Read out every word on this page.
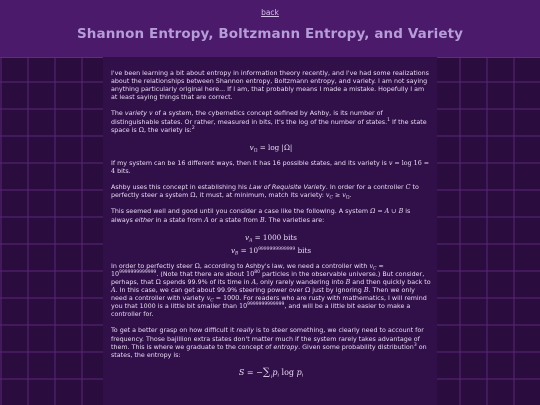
back
Shannon Entropy, Boltzmann Entropy, and Variety

I've been learning a bit about entropy in information theory recently, and I've had some realizations about the relationships between Shannon entropy, Boltzmann entropy, and variety. I am not saying anything particularly original here... If I am, that probably means I made a mistake. Hopefully I am at least saying things that are correct.

The variety v of a system, the cybernetics concept defined by Ashby, is its number of distinguishable states. Or rather, measured in bits, it's the log of the number of states.$^1$ If the state space is Ω, the variety is:$^2$

$v_\Omega = \log |\Omega|$

If my system can be 16 different ways, then it has 16 possible states, and its variety is v = log 16 = 4 bits.

Ashby uses this concept in establishing his Law of Requisite Variety. In order for a controller C to perfectly steer a system Ω, it must, at minimum, match its variety: $v_C \ge v_\Omega$.

This seemed well and good until you consider a case like the following. A system Ω = A ∪ B is always either in a state from A or a state from B. The varieties are:

$v_A = 1000$ bits
$v_B = 10^{9999999999999}$ bits

In order to perfectly steer Ω, according to Ashby's law, we need a controller with $v_C \approx 10^{9999999999999}$. (Note that there are about $10^{80}$ particles in the observable universe.) But consider, perhaps, that Ω spends 99.9% of its time in A, only rarely wandering into B and then quickly back to A. In this case, we can get about 99.9% steering power over Ω just by ignoring B. Then we only need a controller with variety $v_C = 1000$. For readers who are rusty with mathematics, I will remind you that 1000 is a little bit smaller than $10^{9999999999999}$, and will be a little bit easier to make a controller for.

To get a better grasp on how difficult it really is to steer something, we clearly need to account for frequency. Those bajillion extra states don't matter much if the system rarely takes advantage of them. This is where we graduate to the concept of entropy. Given some probability distribution$^3$ on states, the entropy is:

$S = -\sum_ip_i$ $\log p_i$
